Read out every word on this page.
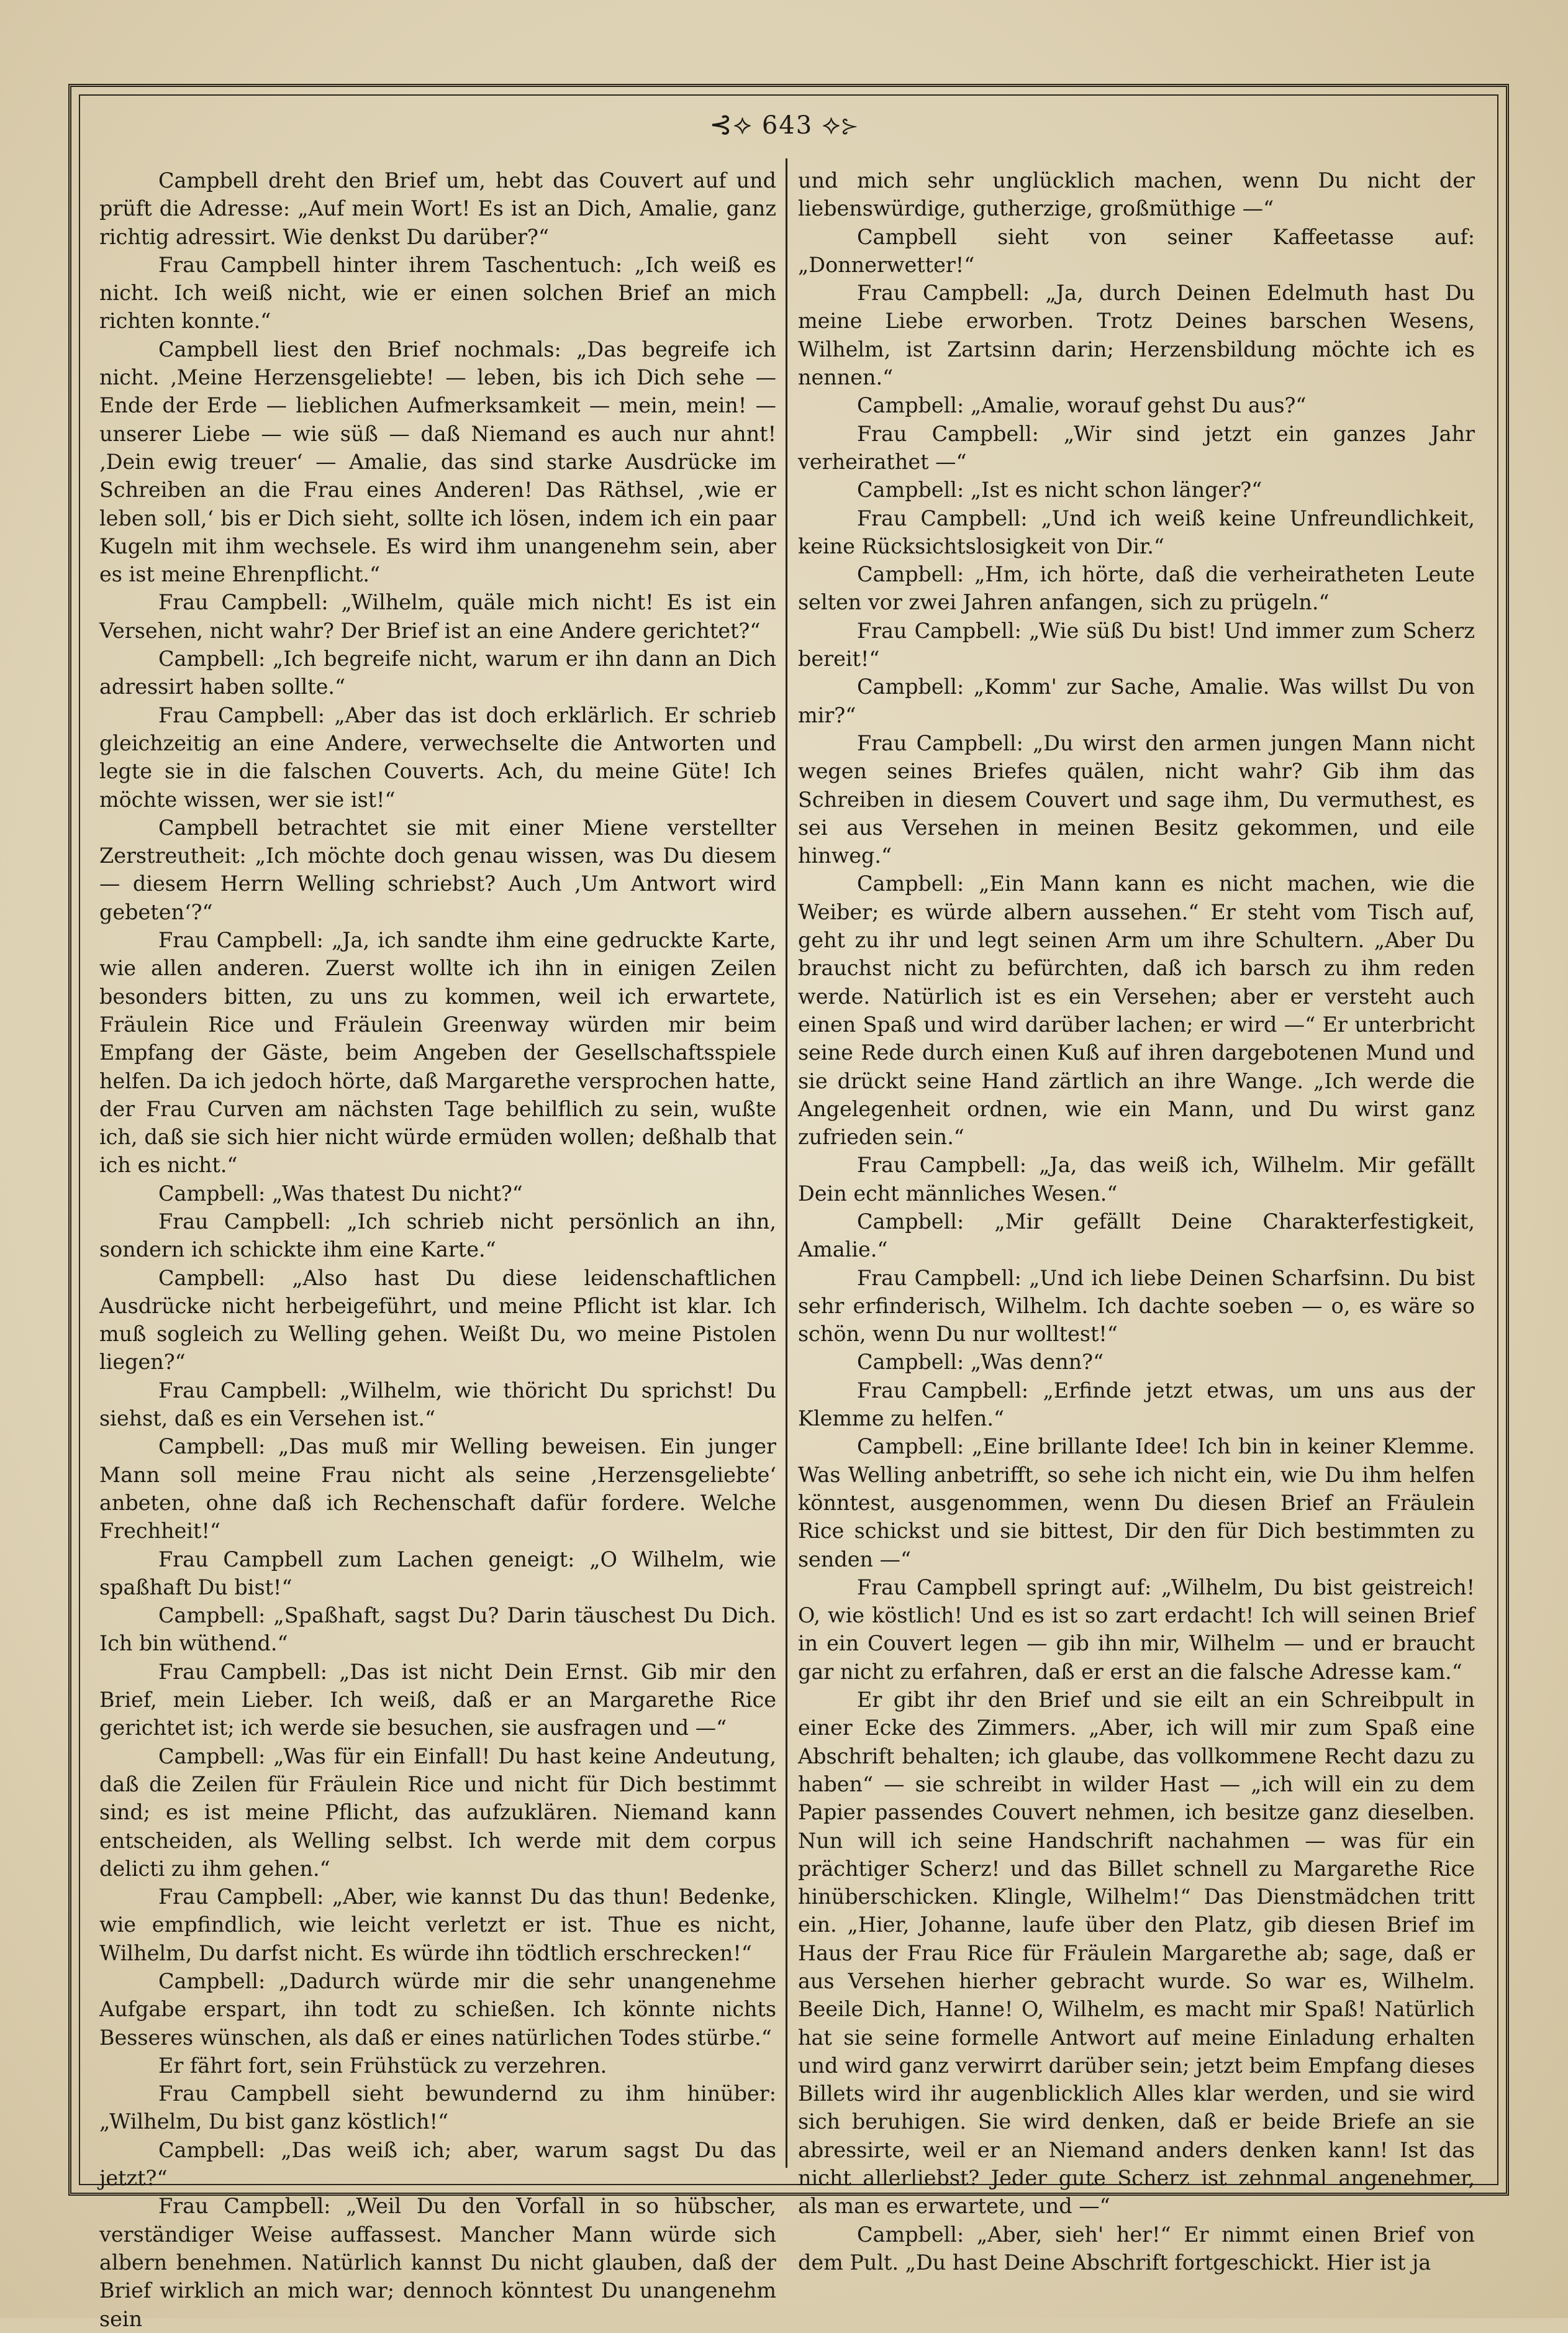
⊰⟡ 643 ⟡⊱

Campbell dreht den Brief um, hebt das Couvert auf und prüft die Adresse: „Auf mein Wort! Es ist an Dich, Amalie, ganz richtig adressirt. Wie denkst Du darüber?“

Frau Campbell hinter ihrem Taschentuch: „Ich weiß es nicht. Ich weiß nicht, wie er einen solchen Brief an mich richten konnte.“

Campbell liest den Brief nochmals: „Das begreife ich nicht. ‚Meine Herzensgeliebte! — leben, bis ich Dich sehe — Ende der Erde — lieblichen Aufmerksamkeit — mein, mein! — unserer Liebe — wie süß — daß Niemand es auch nur ahnt! ‚Dein ewig treuer‘ — Amalie, das sind starke Ausdrücke im Schreiben an die Frau eines Anderen! Das Räthsel, ‚wie er leben soll,‘ bis er Dich sieht, sollte ich lösen, indem ich ein paar Kugeln mit ihm wechsele. Es wird ihm unangenehm sein, aber es ist meine Ehrenpflicht.“

Frau Campbell: „Wilhelm, quäle mich nicht! Es ist ein Versehen, nicht wahr? Der Brief ist an eine Andere gerichtet?“

Campbell: „Ich begreife nicht, warum er ihn dann an Dich adressirt haben sollte.“

Frau Campbell: „Aber das ist doch erklärlich. Er schrieb gleichzeitig an eine Andere, verwechselte die Antworten und legte sie in die falschen Couverts. Ach, du meine Güte! Ich möchte wissen, wer sie ist!“

Campbell betrachtet sie mit einer Miene verstellter Zerstreutheit: „Ich möchte doch genau wissen, was Du diesem — diesem Herrn Welling schriebst? Auch ‚Um Antwort wird gebeten‘?“

Frau Campbell: „Ja, ich sandte ihm eine gedruckte Karte, wie allen anderen. Zuerst wollte ich ihn in einigen Zeilen besonders bitten, zu uns zu kommen, weil ich erwartete, Fräulein Rice und Fräulein Greenway würden mir beim Empfang der Gäste, beim Angeben der Gesellschaftsspiele helfen. Da ich jedoch hörte, daß Margarethe versprochen hatte, der Frau Curven am nächsten Tage behilflich zu sein, wußte ich, daß sie sich hier nicht würde ermüden wollen; deßhalb that ich es nicht.“

Campbell: „Was thatest Du nicht?“

Frau Campbell: „Ich schrieb nicht persönlich an ihn, sondern ich schickte ihm eine Karte.“

Campbell: „Also hast Du diese leidenschaftlichen Ausdrücke nicht herbeigeführt, und meine Pflicht ist klar. Ich muß sogleich zu Welling gehen. Weißt Du, wo meine Pistolen liegen?“

Frau Campbell: „Wilhelm, wie thöricht Du sprichst! Du siehst, daß es ein Versehen ist.“

Campbell: „Das muß mir Welling beweisen. Ein junger Mann soll meine Frau nicht als seine ‚Herzensgeliebte‘ anbeten, ohne daß ich Rechenschaft dafür fordere. Welche Frechheit!“

Frau Campbell zum Lachen geneigt: „O Wilhelm, wie spaßhaft Du bist!“

Campbell: „Spaßhaft, sagst Du? Darin täuschest Du Dich. Ich bin wüthend.“

Frau Campbell: „Das ist nicht Dein Ernst. Gib mir den Brief, mein Lieber. Ich weiß, daß er an Margarethe Rice gerichtet ist; ich werde sie besuchen, sie ausfragen und —“

Campbell: „Was für ein Einfall! Du hast keine Andeutung, daß die Zeilen für Fräulein Rice und nicht für Dich bestimmt sind; es ist meine Pflicht, das aufzuklären. Niemand kann entscheiden, als Welling selbst. Ich werde mit dem corpus delicti zu ihm gehen.“

Frau Campbell: „Aber, wie kannst Du das thun! Bedenke, wie empfindlich, wie leicht verletzt er ist. Thue es nicht, Wilhelm, Du darfst nicht. Es würde ihn tödtlich erschrecken!“

Campbell: „Dadurch würde mir die sehr unangenehme Aufgabe erspart, ihn todt zu schießen. Ich könnte nichts Besseres wünschen, als daß er eines natürlichen Todes stürbe.“

Er fährt fort, sein Frühstück zu verzehren.

Frau Campbell sieht bewundernd zu ihm hinüber: „Wilhelm, Du bist ganz köstlich!“

Campbell: „Das weiß ich; aber, warum sagst Du das jetzt?“

Frau Campbell: „Weil Du den Vorfall in so hübscher, verständiger Weise auffassest. Mancher Mann würde sich albern benehmen. Natürlich kannst Du nicht glauben, daß der Brief wirklich an mich war; dennoch könntest Du unangenehm sein

und mich sehr unglücklich machen, wenn Du nicht der liebenswürdige, gutherzige, großmüthige —“

Campbell sieht von seiner Kaffeetasse auf: „Donnerwetter!“

Frau Campbell: „Ja, durch Deinen Edelmuth hast Du meine Liebe erworben. Trotz Deines barschen Wesens, Wilhelm, ist Zartsinn darin; Herzensbildung möchte ich es nennen.“

Campbell: „Amalie, worauf gehst Du aus?“

Frau Campbell: „Wir sind jetzt ein ganzes Jahr verheirathet —“

Campbell: „Ist es nicht schon länger?“

Frau Campbell: „Und ich weiß keine Unfreundlichkeit, keine Rücksichtslosigkeit von Dir.“

Campbell: „Hm, ich hörte, daß die verheiratheten Leute selten vor zwei Jahren anfangen, sich zu prügeln.“

Frau Campbell: „Wie süß Du bist! Und immer zum Scherz bereit!“

Campbell: „Komm' zur Sache, Amalie. Was willst Du von mir?“

Frau Campbell: „Du wirst den armen jungen Mann nicht wegen seines Briefes quälen, nicht wahr? Gib ihm das Schreiben in diesem Couvert und sage ihm, Du vermuthest, es sei aus Versehen in meinen Besitz gekommen, und eile hinweg.“

Campbell: „Ein Mann kann es nicht machen, wie die Weiber; es würde albern aussehen.“ Er steht vom Tisch auf, geht zu ihr und legt seinen Arm um ihre Schultern. „Aber Du brauchst nicht zu befürchten, daß ich barsch zu ihm reden werde. Natürlich ist es ein Versehen; aber er versteht auch einen Spaß und wird darüber lachen; er wird —“ Er unterbricht seine Rede durch einen Kuß auf ihren dargebotenen Mund und sie drückt seine Hand zärtlich an ihre Wange. „Ich werde die Angelegenheit ordnen, wie ein Mann, und Du wirst ganz zufrieden sein.“

Frau Campbell: „Ja, das weiß ich, Wilhelm. Mir gefällt Dein echt männliches Wesen.“

Campbell: „Mir gefällt Deine Charakterfestigkeit, Amalie.“

Frau Campbell: „Und ich liebe Deinen Scharfsinn. Du bist sehr erfinderisch, Wilhelm. Ich dachte soeben — o, es wäre so schön, wenn Du nur wolltest!“

Campbell: „Was denn?“

Frau Campbell: „Erfinde jetzt etwas, um uns aus der Klemme zu helfen.“

Campbell: „Eine brillante Idee! Ich bin in keiner Klemme. Was Welling anbetrifft, so sehe ich nicht ein, wie Du ihm helfen könntest, ausgenommen, wenn Du diesen Brief an Fräulein Rice schickst und sie bittest, Dir den für Dich bestimmten zu senden —“

Frau Campbell springt auf: „Wilhelm, Du bist geistreich! O, wie köstlich! Und es ist so zart erdacht! Ich will seinen Brief in ein Couvert legen — gib ihn mir, Wilhelm — und er braucht gar nicht zu erfahren, daß er erst an die falsche Adresse kam.“

Er gibt ihr den Brief und sie eilt an ein Schreibpult in einer Ecke des Zimmers. „Aber, ich will mir zum Spaß eine Abschrift behalten; ich glaube, das vollkommene Recht dazu zu haben“ — sie schreibt in wilder Hast — „ich will ein zu dem Papier passendes Couvert nehmen, ich besitze ganz dieselben. Nun will ich seine Handschrift nachahmen — was für ein prächtiger Scherz! und das Billet schnell zu Margarethe Rice hinüberschicken. Klingle, Wilhelm!“ Das Dienstmädchen tritt ein. „Hier, Johanne, laufe über den Platz, gib diesen Brief im Haus der Frau Rice für Fräulein Margarethe ab; sage, daß er aus Versehen hierher gebracht wurde. So war es, Wilhelm. Beeile Dich, Hanne! O, Wilhelm, es macht mir Spaß! Natürlich hat sie seine formelle Antwort auf meine Einladung erhalten und wird ganz verwirrt darüber sein; jetzt beim Empfang dieses Billets wird ihr augenblicklich Alles klar werden, und sie wird sich beruhigen. Sie wird denken, daß er beide Briefe an sie abressirte, weil er an Niemand anders denken kann! Ist das nicht allerliebst? Jeder gute Scherz ist zehnmal angenehmer, als man es erwartete, und —“

Campbell: „Aber, sieh' her!“ Er nimmt einen Brief von dem Pult. „Du hast Deine Abschrift fortgeschickt. Hier ist ja
